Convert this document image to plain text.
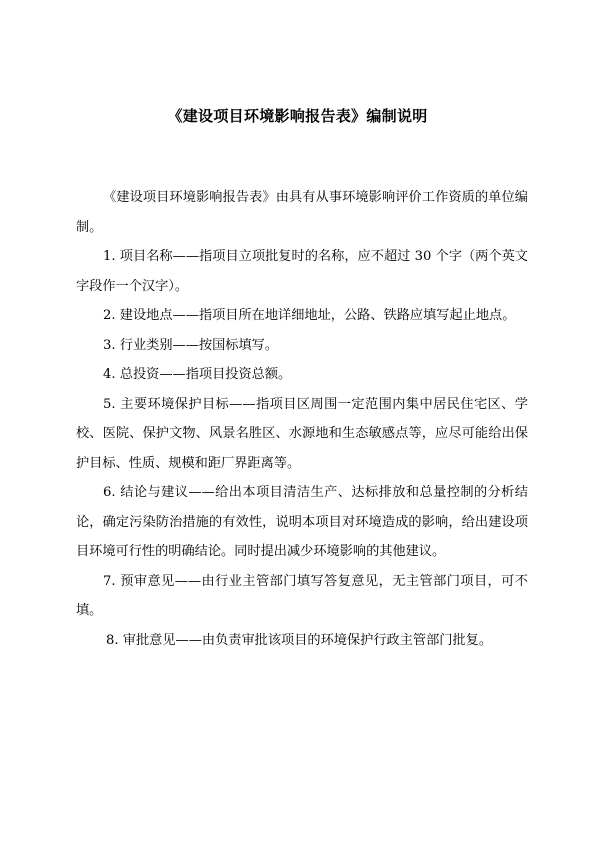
《建设项目环境影响报告表》编制说明

《建设项目环境影响报告表》由具有从事环境影响评价工作资质的单位编制。

1. 项目名称——指项目立项批复时的名称，应不超过 30 个字（两个英文字段作一个汉字）。

2. 建设地点——指项目所在地详细地址，公路、铁路应填写起止地点。

3. 行业类别——按国标填写。

4. 总投资——指项目投资总额。

5. 主要环境保护目标——指项目区周围一定范围内集中居民住宅区、学校、医院、保护文物、风景名胜区、水源地和生态敏感点等，应尽可能给出保护目标、性质、规模和距厂界距离等。

6. 结论与建议——给出本项目清洁生产、达标排放和总量控制的分析结论，确定污染防治措施的有效性，说明本项目对环境造成的影响，给出建设项目环境可行性的明确结论。同时提出减少环境影响的其他建议。

7. 预审意见——由行业主管部门填写答复意见，无主管部门项目，可不填。

8. 审批意见——由负责审批该项目的环境保护行政主管部门批复。
